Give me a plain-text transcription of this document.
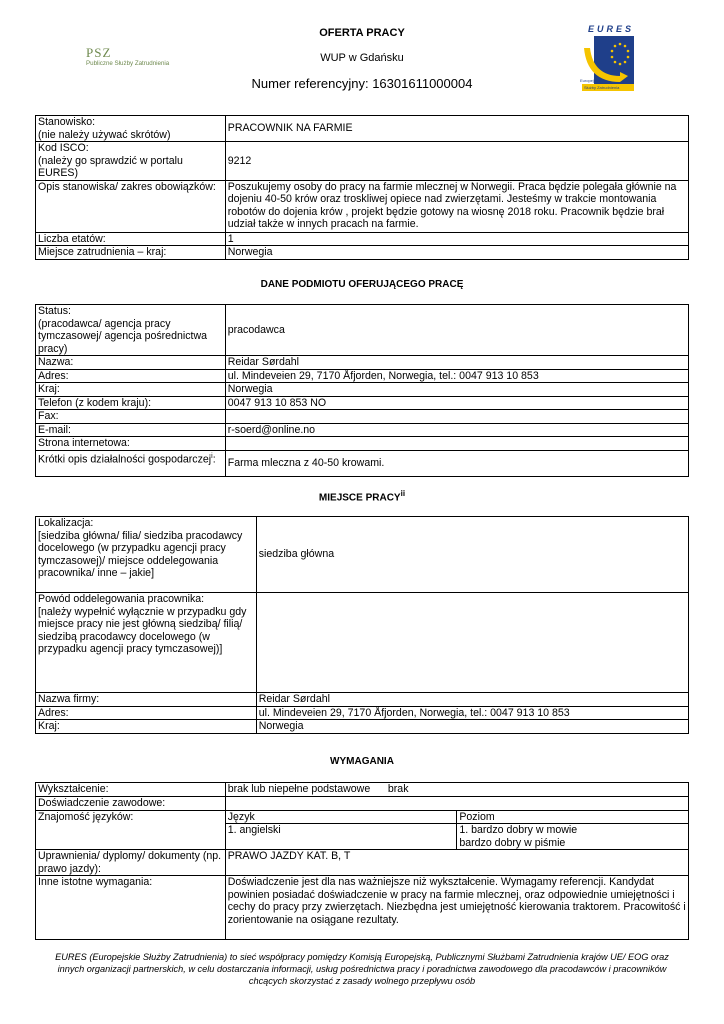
PSZ
Publiczne Służby Zatrudnienia
OFERTA PRACY
WUP w Gdańsku
Numer referencyjny: 16301611000004
EURES
Europejskie
Służby Zatrudnienia
Stanowisko:
(nie należy używać skrótów)	PRACOWNIK NA FARMIE
Kod ISCO:
(należy go sprawdzić w portalu EURES)	9212
Opis stanowiska/ zakres obowiązków:	Poszukujemy osoby do pracy na farmie mlecznej w Norwegii. Praca będzie polegała głównie na dojeniu 40-50 krów oraz troskliwej opiece nad zwierzętami. Jesteśmy w trakcie montowania robotów do dojenia krów , projekt będzie gotowy na wiosnę 2018 roku. Pracownik będzie brał udział także w innych pracach na farmie.
Liczba etatów:	1
Miejsce zatrudnienia – kraj:	Norwegia
DANE PODMIOTU OFERUJĄCEGO PRACĘ
Status:
(pracodawca/ agencja pracy tymczasowej/ agencja pośrednictwa pracy)	pracodawca
Nazwa:	Reidar Sørdahl
Adres:	ul. Mindeveien 29, 7170 Åfjorden, Norwegia, tel.: 0047 913 10 853
Kraj:	Norwegia
Telefon (z kodem kraju):	0047 913 10 853 NO
Fax:	
E-mail:	r-soerd@online.no
Strona internetowa:	
Krótki opis działalności gospodarczej$^i$:	Farma mleczna z 40-50 krowami.
MIEJSCE PRACY$^{ii}$
Lokalizacja:
[siedziba główna/ filia/ siedziba pracodawcy docelowego (w przypadku agencji pracy tymczasowej)/ miejsce oddelegowania pracownika/ inne – jakie]	siedziba główna
Powód oddelegowania pracownika:
[należy wypełnić wyłącznie w przypadku gdy miejsce pracy nie jest główną siedzibą/ filią/ siedzibą pracodawcy docelowego (w przypadku agencji pracy tymczasowej)]	
Nazwa firmy:	Reidar Sørdahl
Adres:	ul. Mindeveien 29, 7170 Åfjorden, Norwegia, tel.: 0047 913 10 853
Kraj:	Norwegia
WYMAGANIA
Wykształcenie:	brak lub niepełne podstawowe      brak	
Doświadczenie zawodowe:		
Znajomość języków:	Język	Poziom
	1. angielski	1. bardzo dobry w mowie
bardzo dobry w piśmie
Uprawnienia/ dyplomy/ dokumenty (np. prawo jazdy):	PRAWO JAZDY KAT. B, T	
Inne istotne wymagania:	Doświadczenie jest dla nas ważniejsze niż wykształcenie. Wymagamy referencji. Kandydat powinien posiadać doświadczenie w pracy na farmie mlecznej, oraz odpowiednie umiejętności i cechy do pracy przy zwierzętach. Niezbędna jest umiejętność kierowania traktorem. Pracowitość i zorientowanie na osiągane rezultaty.	
EURES (Europejskie Służby Zatrudnienia) to sieć współpracy pomiędzy Komisją Europejską, Publicznymi Służbami Zatrudnienia krajów UE/ EOG oraz innych organizacji partnerskich, w celu dostarczania informacji, usług pośrednictwa pracy i poradnictwa zawodowego dla pracodawców i pracowników chcących skorzystać z zasady wolnego przepływu osób
